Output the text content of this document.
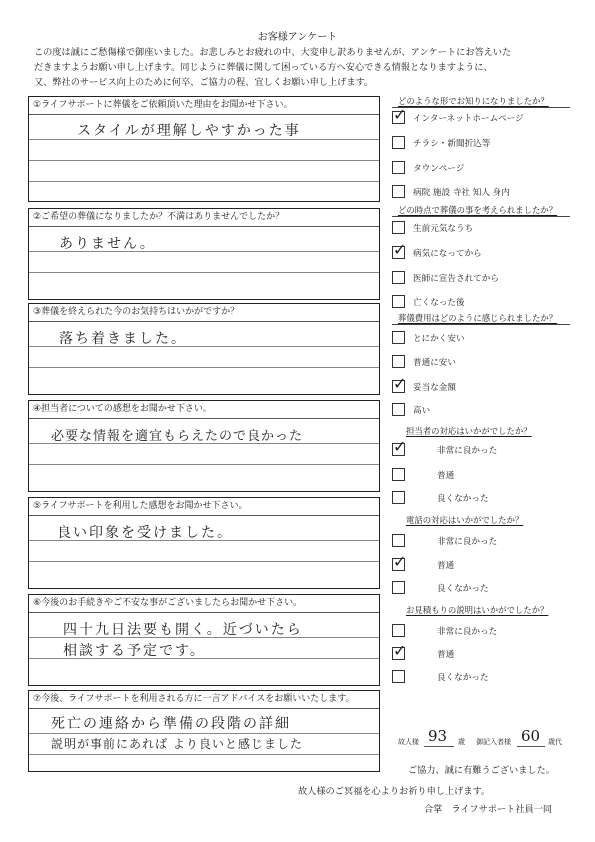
お客様アンケート
この度は誠にご愁傷様で御座いました。お悲しみとお疲れの中、大変申し訳ありませんが、アンケートにお答えいた
だきますようお願い申し上げます。同じように葬儀に関して困っている方へ安心できる情報となりますように、
又、弊社のサービス向上のために何卒、ご協力の程、宜しくお願い申し上げます。
①ライフサポートに葬儀をご依頼頂いた理由をお聞かせ下さい。
スタイルが理解しやすかった事
②ご希望の葬儀になりましたか？不満はありませんでしたか？
ありません。
③葬儀を終えられた今のお気持ちはいかがですか？
落ち着きました。
④担当者についての感想をお聞かせ下さい。
必要な情報を適宜もらえたので良かった
⑤ライフサポートを利用した感想をお聞かせ下さい。
良い印象を受けました。
⑥今後のお手続きやご不安な事がございましたらお聞かせ下さい。
四十九日法要も開く。近づいたら
相談する予定です。
⑦今後、ライフサポートを利用される方に一言アドバイスをお願いいたします。
死亡の連絡から準備の段階の詳細
説明が事前にあれば より良いと感じました
どのような形でお知りになりましたか？
✓ インターネットホームページ
チラシ・新聞折込等
タウンページ
病院 施設 寺社 知人 身内
どの時点で葬儀の事を考えられましたか？
生前元気なうち
✓ 病気になってから
医師に宣告されてから
亡くなった後
葬儀費用はどのように感じられましたか？
とにかく安い
普通に安い
✓ 妥当な金額
高い
担当者の対応はいかがでしたか？
✓	非常に良かった
普通
良くなかった
電話の対応はいかがでしたか？
非常に良かった
✓	普通
良くなかった
お見積もりの説明はいかがでしたか？
非常に良かった
✓	普通
良くなかった
故人様 93 歳 御記入者様 60 歳代
ご協力、誠に有難うございました。
故人様のご冥福を心よりお祈り申し上げます。
合掌　ライフサポート社員一同
